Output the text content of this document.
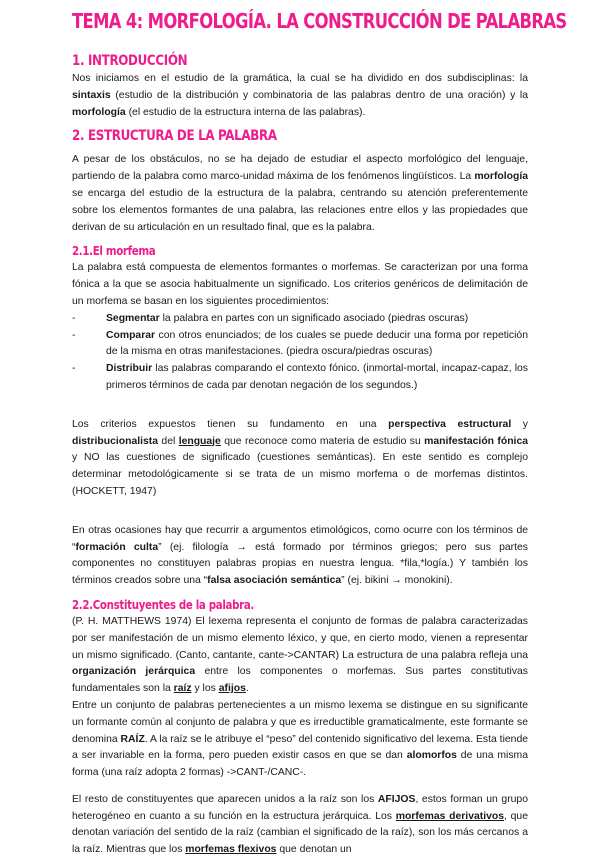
TEMA 4: MORFOLOGÍA. LA CONSTRUCCIÓN DE PALABRAS
1. INTRODUCCIÓN

Nos iniciamos en el estudio de la gramática, la cual se ha dividido en dos subdisciplinas: la sintaxis (estudio de la distribución y combinatoria de las palabras dentro de una oración) y la morfología (el estudio de la estructura interna de las palabras).

2. ESTRUCTURA DE LA PALABRA

A pesar de los obstáculos, no se ha dejado de estudiar el aspecto morfológico del lenguaje, partiendo de la palabra como marco-unidad máxima de los fenómenos lingüísticos. La morfología se encarga del estudio de la estructura de la palabra, centrando su atención preferentemente sobre los elementos formantes de una palabra, las relaciones entre ellos y las propiedades que derivan de su articulación en un resultado final, que es la palabra.

2.1.El morfema

La palabra está compuesta de elementos formantes o morfemas. Se caracterizan por una forma fónica a la que se asocia habitualmente un significado. Los criterios genéricos de delimitación de un morfema se basan en los siguientes procedimientos:

-	Segmentar la palabra en partes con un significado asociado (piedras oscuras)
-	Comparar con otros enunciados; de los cuales se puede deducir una forma por repetición de la misma en otras manifestaciones. (piedra oscura/piedras oscuras)
-	Distribuir las palabras comparando el contexto fónico. (inmortal-mortal, incapaz-capaz, los primeros términos de cada par denotan negación de los segundos.)

Los criterios expuestos tienen su fundamento en una perspectiva estructural y distribucionalista del lenguaje que reconoce como materia de estudio su manifestación fónica y NO las cuestiones de significado (cuestiones semánticas). En este sentido es complejo determinar metodológicamente si se trata de un mismo morfema o de morfemas distintos. (HOCKETT, 1947)

En otras ocasiones hay que recurrir a argumentos etimológicos, como ocurre con los términos de “formación culta” (ej. filología → está formado por términos griegos; pero sus partes componentes no constituyen palabras propias en nuestra lengua. *fila,*logía.) Y también los términos creados sobre una “falsa asociación semántica” (ej. bikini → monokini).

2.2.Constituyentes de la palabra.

(P. H. MATTHEWS 1974) El lexema representa el conjunto de formas de palabra caracterizadas por ser manifestación de un mismo elemento léxico, y que, en cierto modo, vienen a representar un mismo significado. (Canto, cantante, cante->CANTAR) La estructura de una palabra refleja una organización jerárquica entre los componentes o morfemas. Sus partes constitutivas fundamentales son la raíz y los afijos.

Entre un conjunto de palabras pertenecientes a un mismo lexema se distingue en su significante un formante común al conjunto de palabra y que es irreductible gramaticalmente, este formante se denomina RAÍZ. A la raíz se le atribuye el “peso” del contenido significativo del lexema. Esta tiende a ser invariable en la forma, pero pueden existir casos en que se dan alomorfos de una misma forma (una raíz adopta 2 formas) ->CANT-/CANC-.

El resto de constituyentes que aparecen unidos a la raíz son los AFIJOS, estos forman un grupo heterogéneo en cuanto a su función en la estructura jerárquica. Los morfemas derivativos, que denotan variación del sentido de la raíz (cambian el significado de la raíz), son los más cercanos a la raíz. Mientras que los morfemas flexivos que denotan un
